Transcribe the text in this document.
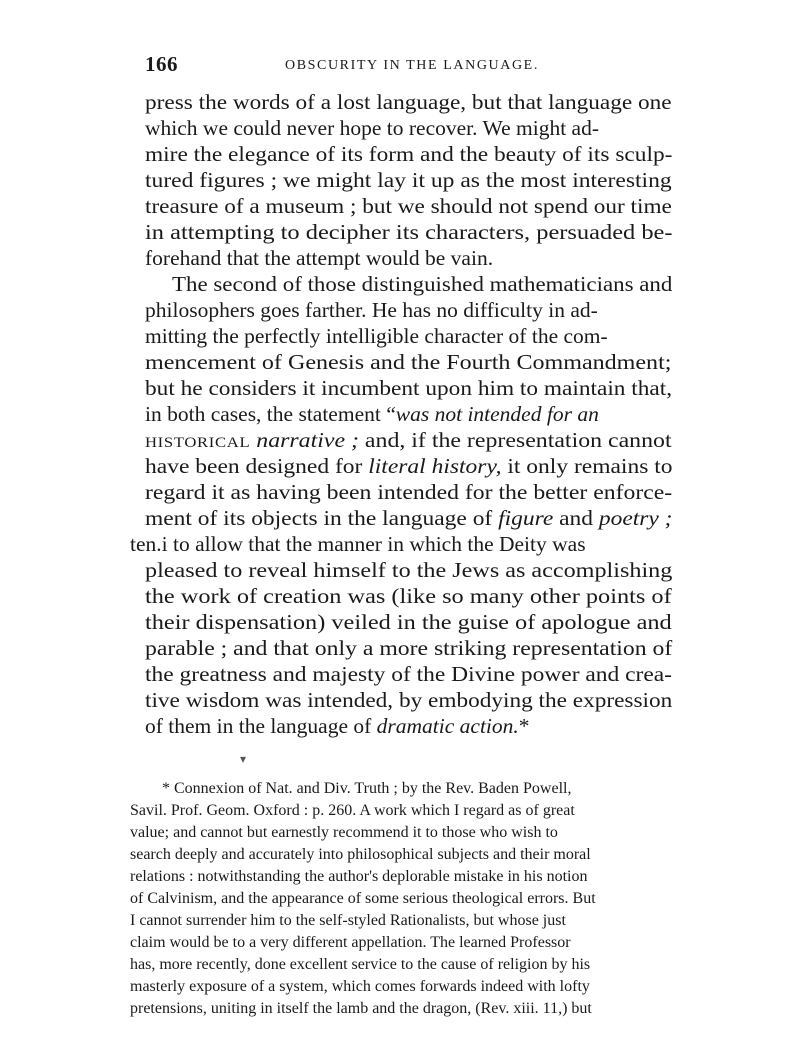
166	OBSCURITY IN THE LANGUAGE.
press the words of a lost language, but that language one
which we could never hope to recover. We might ad-
mire the elegance of its form and the beauty of its sculp-
tured figures ; we might lay it up as the most interesting
treasure of a museum ; but we should not spend our time
in attempting to decipher its characters, persuaded be-
forehand that the attempt would be vain.
The second of those distinguished mathematicians and
philosophers goes farther. He has no difficulty in ad-
mitting the perfectly intelligible character of the com-
mencement of Genesis and the Fourth Commandment;
but he considers it incumbent upon him to maintain that,
in both cases, the statement “was not intended for an
historical narrative ; and, if the representation cannot
have been designed for literal history, it only remains to
regard it as having been intended for the better enforce-
ment of its objects in the language of figure and poetry ;
ten.i to allow that the manner in which the Deity was
pleased to reveal himself to the Jews as accomplishing
the work of creation was (like so many other points of
their dispensation) veiled in the guise of apologue and
parable ; and that only a more striking representation of
the greatness and majesty of the Divine power and crea-
tive wisdom was intended, by embodying the expression
of them in the language of dramatic action.*
▾
* Connexion of Nat. and Div. Truth ; by the Rev. Baden Powell,
Savil. Prof. Geom. Oxford : p. 260. A work which I regard as of great
value; and cannot but earnestly recommend it to those who wish to
search deeply and accurately into philosophical subjects and their moral
relations : notwithstanding the author's deplorable mistake in his notion
of Calvinism, and the appearance of some serious theological errors. But
I cannot surrender him to the self-styled Rationalists, but whose just
claim would be to a very different appellation. The learned Professor
has, more recently, done excellent service to the cause of religion by his
masterly exposure of a system, which comes forwards indeed with lofty
pretensions, uniting in itself the lamb and the dragon, (Rev. xiii. 11,) but
